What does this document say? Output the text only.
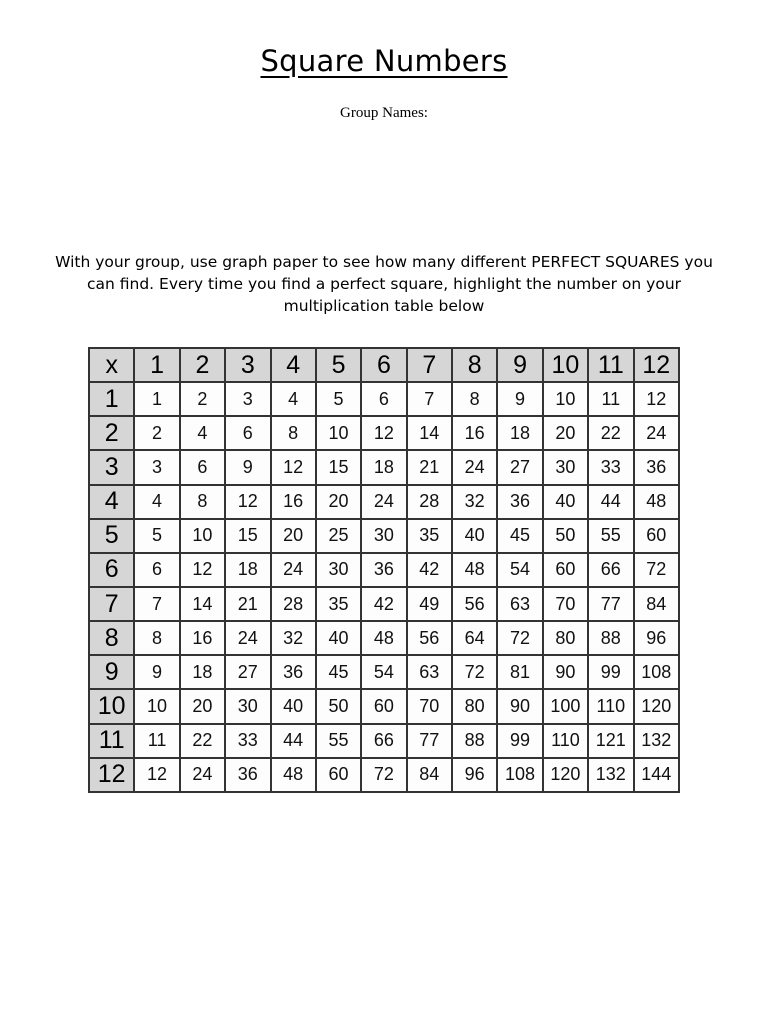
Square Numbers
Group Names:
With your group, use graph paper to see how many different PERFECT SQUARES you can find. Every time you find a perfect square, highlight the number on your multiplication table below
x	1	2	3	4	5	6	7	8	9	10	11	12
1	1	2	3	4	5	6	7	8	9	10	11	12
2	2	4	6	8	10	12	14	16	18	20	22	24
3	3	6	9	12	15	18	21	24	27	30	33	36
4	4	8	12	16	20	24	28	32	36	40	44	48
5	5	10	15	20	25	30	35	40	45	50	55	60
6	6	12	18	24	30	36	42	48	54	60	66	72
7	7	14	21	28	35	42	49	56	63	70	77	84
8	8	16	24	32	40	48	56	64	72	80	88	96
9	9	18	27	36	45	54	63	72	81	90	99	108
10	10	20	30	40	50	60	70	80	90	100	110	120
11	11	22	33	44	55	66	77	88	99	110	121	132
12	12	24	36	48	60	72	84	96	108	120	132	144
